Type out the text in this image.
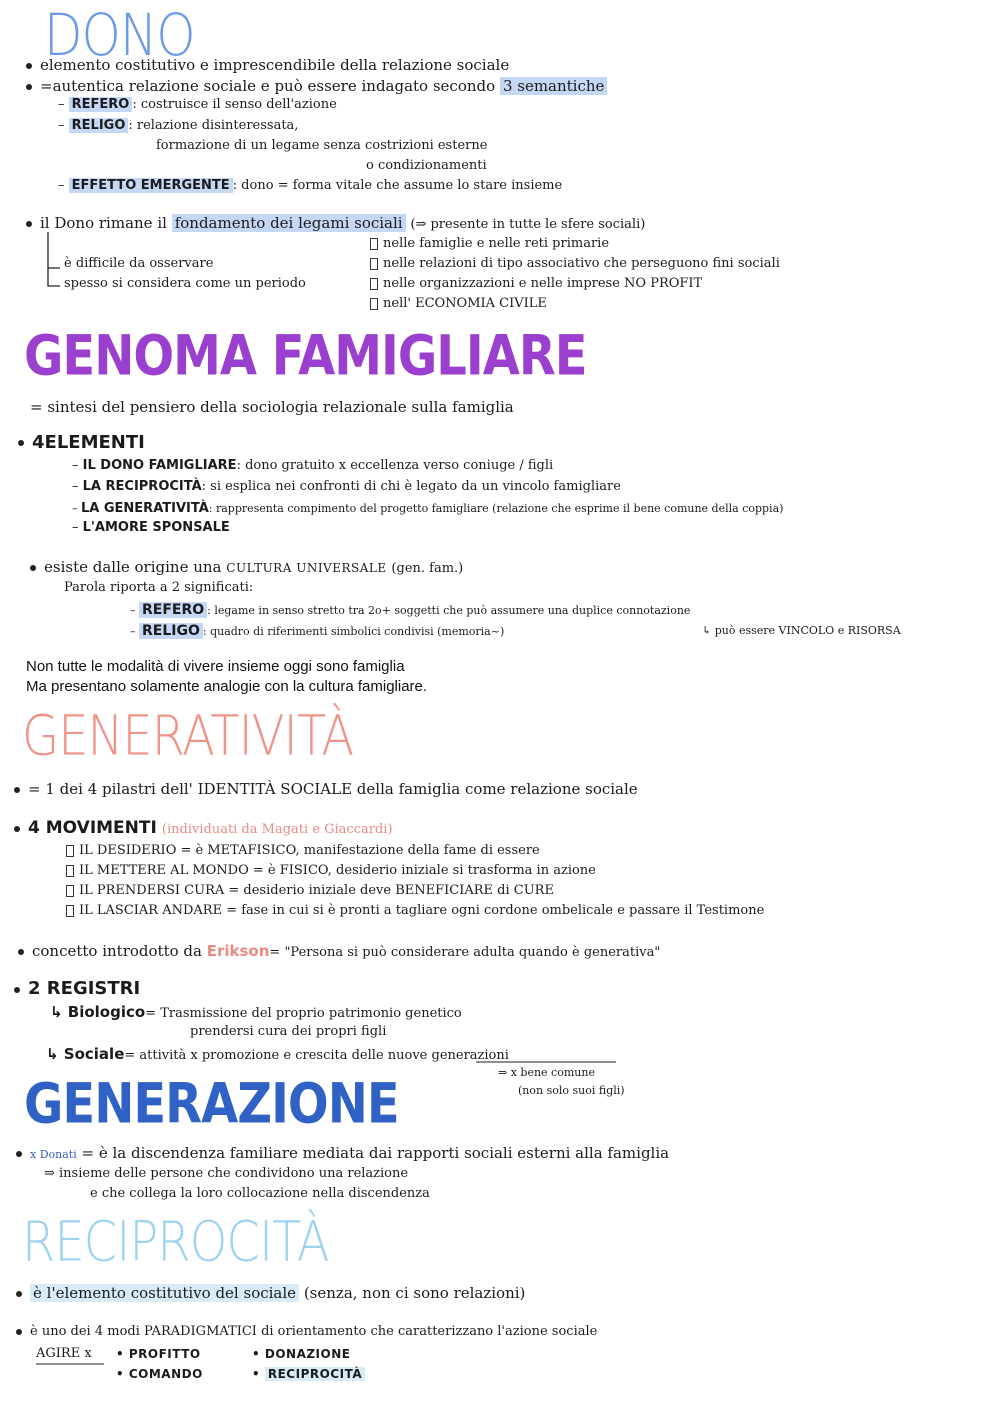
DONO
elemento costitutivo e imprescendibile della relazione sociale
=autentica relazione sociale e può essere indagato secondo 3 semantiche
– REFERO : costruisce il senso dell'azione
– RELIGO : relazione disinteressata,
formazione di un legame senza costrizioni esterne
o condizionamenti
– EFFETTO EMERGENTE : dono = forma vitale che assume lo stare insieme
il Dono rimane il fondamento dei legami sociali (⇒ presente in tutte le sfere sociali)
è difficile da osservare
spesso si considera come un periodo
nelle famiglie e nelle reti primarie
nelle relazioni di tipo associativo che perseguono fini sociali
nelle organizzazioni e nelle imprese NO PROFIT
nell' ECONOMIA CIVILE
GENOMA FAMIGLIARE
= sintesi del pensiero della sociologia relazionale sulla famiglia
4ELEMENTI
– IL DONO FAMIGLIARE: dono gratuito x eccellenza verso coniuge / figli
– LA RECIPROCITÀ: si esplica nei confronti di chi è legato da un vincolo famigliare
– LA GENERATIVITÀ: rappresenta compimento del progetto famigliare (relazione che esprime il bene comune della coppia)
– L'AMORE SPONSALE
esiste dalle origine una CULTURA UNIVERSALE (gen. fam.)
Parola riporta a 2 significati:
– REFERO : legame in senso stretto tra 2o+ soggetti che può assumere una duplice connotazione
– RELIGO : quadro di riferimenti simbolici condivisi (memoria~)	↳ può essere VINCOLO e RISORSA
Non tutte le modalità di vivere insieme oggi sono famiglia
Ma presentano solamente analogie con la cultura famigliare.
GENERATIVITÀ
= 1 dei 4 pilastri dell' IDENTITÀ SOCIALE della famiglia come relazione sociale
4 MOVIMENTI (individuati da Magati e Giaccardi)
IL DESIDERIO = è METAFISICO, manifestazione della fame di essere
IL METTERE AL MONDO = è FISICO, desiderio iniziale si trasforma in azione
IL PRENDERSI CURA = desiderio iniziale deve BENEFICIARE di CURE
IL LASCIAR ANDARE = fase in cui si è pronti a tagliare ogni cordone ombelicale e passare il Testimone
concetto introdotto da Erikson= "Persona si può considerare adulta quando è generativa"
2 REGISTRI
↳ Biologico= Trasmissione del proprio patrimonio genetico
prendersi cura dei propri figli
↳ Sociale= attività x promozione e crescita delle nuove generazioni
⇒ x bene comune
(non solo suoi figli)
GENERAZIONE
x Donati = è la discendenza familiare mediata dai rapporti sociali esterni alla famiglia
⇒ insieme delle persone che condividono una relazione
e che collega la loro collocazione nella discendenza
RECIPROCITÀ
è l'elemento costitutivo del sociale (senza, non ci sono relazioni)
è uno dei 4 modi PARADIGMATICI di orientamento che caratterizzano l'azione sociale
AGIRE x • PROFITTO	• DONAZIONE
• COMANDO	• RECIPROCITÀ
